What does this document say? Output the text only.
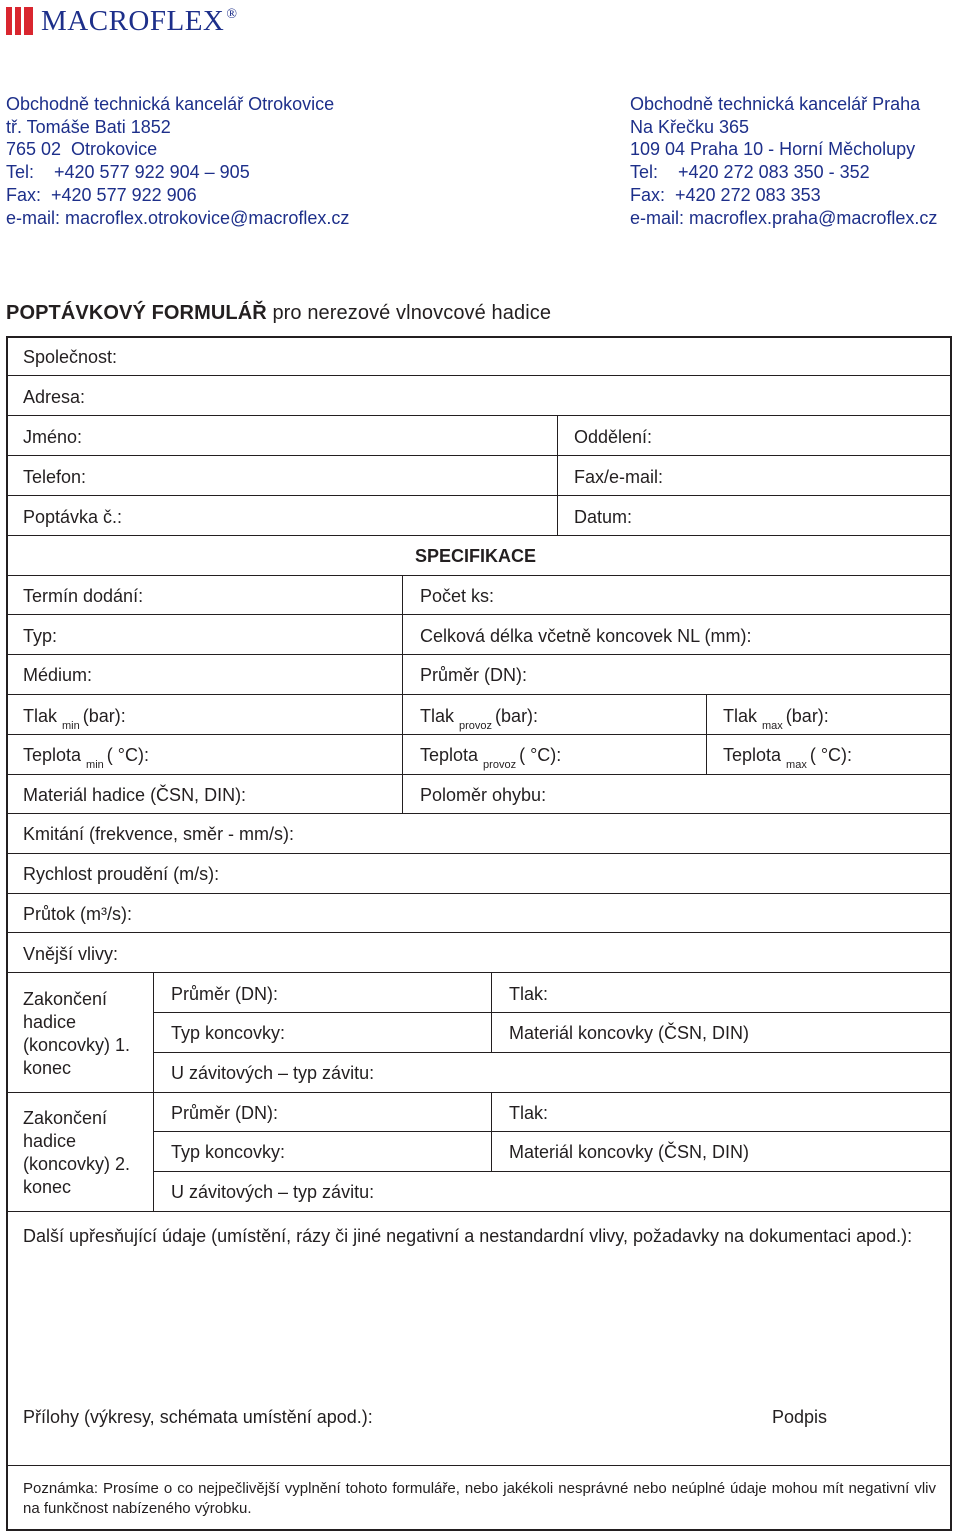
MACROFLEX ®
Obchodně technická kancelář Otrokovice
tř. Tomáše Bati 1852
765 02  Otrokovice
Tel:    +420 577 922 904 – 905
Fax:  +420 577 922 906
e-mail: macroflex.otrokovice@macroflex.cz
Obchodně technická kancelář Praha
Na Křečku 365
109 04 Praha 10 - Horní Měcholupy
Tel:    +420 272 083 350 - 352
Fax:  +420 272 083 353
e-mail: macroflex.praha@macroflex.cz
POPTÁVKOVÝ FORMULÁŘ pro nerezové vlnovcové hadice
Společnost:
Adresa:
Jméno:	Oddělení:
Telefon:	Fax/e-mail:
Poptávka č.:	Datum:
SPECIFIKACE
Termín dodání:	Počet ks:
Typ:	Celková délka včetně koncovek NL (mm):
Médium:	Průměr (DN):
Tlak $_{min}$ (bar):	Tlak $_{provoz}$ (bar):	Tlak $_{max}$ (bar):
Teplota $_{min}$ ( °C):	Teplota $_{provoz}$ ( °C):	Teplota $_{max}$ ( °C):
Materiál hadice (ČSN, DIN):	Poloměr ohybu:
Kmitání (frekvence, směr - mm/s):
Rychlost proudění (m/s):
Průtok (m³/s):
Vnější vlivy:
Zakončení hadice (koncovky) 1. konec
Průměr (DN):	Tlak:
Typ koncovky:	Materiál koncovky (ČSN, DIN)
U závitových – typ závitu:
Zakončení hadice (koncovky) 2. konec
Průměr (DN):	Tlak:
Typ koncovky:	Materiál koncovky (ČSN, DIN)
U závitových – typ závitu:
Další upřesňující údaje (umístění, rázy či jiné negativní a nestandardní vlivy, požadavky na dokumentaci apod.):
Přílohy (výkresy, schémata umístění apod.):	Podpis
Poznámka: Prosíme o co nejpečlivější vyplnění tohoto formuláře, nebo jakékoli nesprávné nebo neúplné údaje mohou mít negativní vliv na funkčnost nabízeného výrobku.
